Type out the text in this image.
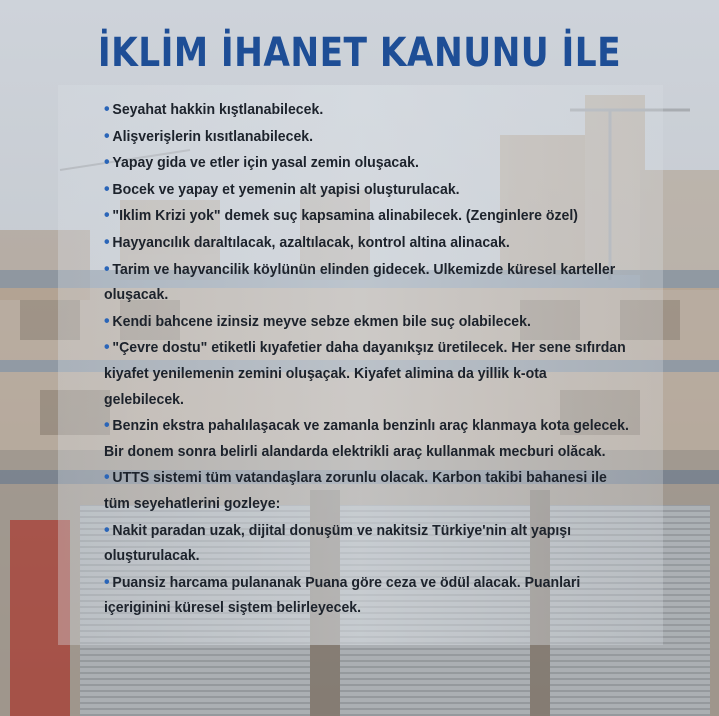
İKLİM İHANET KANUNU İLE
• Seyahat hakkin kıştlanabilecek.
• Alişverişlerin kısıtlanabilecek.
• Yapay gida ve etler için yasal zemin oluşacak.
• Bocek ve yapay et yemenin alt yapisi oluşturulacak.
• "Iklim Krizi yok" demek suç kapsamina alinabilecek. (Zenginlere özel)
• Hayyancılık daraltılacak, azaltılacak, kontrol altina alinacak.
• Tarim ve hayvancilik köylünün elinden gidecek. Ulkemizde küresel karteller oluşacak.
• Kendi bahcene izinsiz meyve sebze ekmen bile suç olabilecek.
• "Çevre dostu" etiketli kıyafetier daha dayanıkşız üretilecek. Her sene sıfırdan kiyafet yenilemenin zemini oluşaçak. Kiyafet alimina da yillik k-ota gelebilecek.
• Benzin ekstra pahalılaşacak ve zamanla benzinlı araç klanmaya kota gelecek. Bir donem sonra belirli alandarda elektrikli araç kullanmak mecburi olăcak.
• UTTS sistemi tüm vatandaşlara zorunlu olacak. Karbon takibi bahanesi ile tüm seyehatlerini gozleye:
• Nakit paradan uzak, dijital donuşüm ve nakitsiz Türkiye'nin alt yapışı oluşturulacak.
• Puansiz harcama pulananak Puana göre ceza ve ödül alacak. Puanlari içeriginini küresel siştem belirleyecek.
